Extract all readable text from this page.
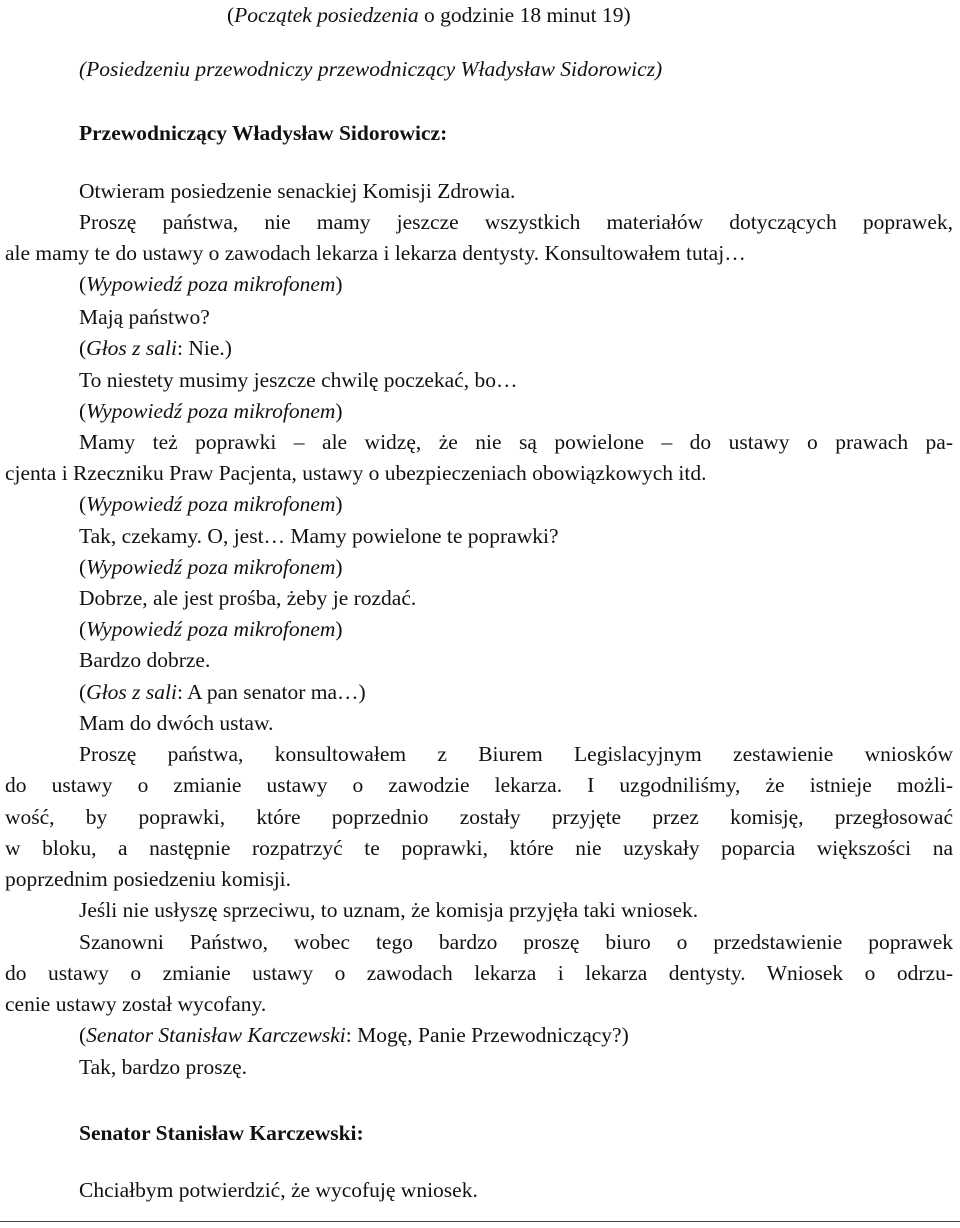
(Początek posiedzenia o godzinie 18 minut 19)
(Posiedzeniu przewodniczy przewodniczący Władysław Sidorowicz)
Przewodniczący Władysław Sidorowicz:
Otwieram posiedzenie senackiej Komisji Zdrowia.
Proszę państwa, nie mamy jeszcze wszystkich materiałów dotyczących poprawek,
ale mamy te do ustawy o zawodach lekarza i lekarza dentysty. Konsultowałem tutaj…
(Wypowiedź poza mikrofonem)
Mają państwo?
(Głos z sali: Nie.)
To niestety musimy jeszcze chwilę poczekać, bo…
(Wypowiedź poza mikrofonem)
Mamy też poprawki – ale widzę, że nie są powielone – do ustawy o prawach pa-
cjenta i Rzeczniku Praw Pacjenta, ustawy o ubezpieczeniach obowiązkowych itd.
(Wypowiedź poza mikrofonem)
Tak, czekamy. O, jest… Mamy powielone te poprawki?
(Wypowiedź poza mikrofonem)
Dobrze, ale jest prośba, żeby je rozdać.
(Wypowiedź poza mikrofonem)
Bardzo dobrze.
(Głos z sali: A pan senator ma…)
Mam do dwóch ustaw.
Proszę państwa, konsultowałem z Biurem Legislacyjnym zestawienie wniosków
do ustawy o zmianie ustawy o zawodzie lekarza. I uzgodniliśmy, że istnieje możli-
wość, by poprawki, które poprzednio zostały przyjęte przez komisję, przegłosować
w bloku, a następnie rozpatrzyć te poprawki, które nie uzyskały poparcia większości na
poprzednim posiedzeniu komisji.
Jeśli nie usłyszę sprzeciwu, to uznam, że komisja przyjęła taki wniosek.
Szanowni Państwo, wobec tego bardzo proszę biuro o przedstawienie poprawek
do ustawy o zmianie ustawy o zawodach lekarza i lekarza dentysty. Wniosek o odrzu-
cenie ustawy został wycofany.
(Senator Stanisław Karczewski: Mogę, Panie Przewodniczący?)
Tak, bardzo proszę.
Senator Stanisław Karczewski:
Chciałbym potwierdzić, że wycofuję wniosek.
